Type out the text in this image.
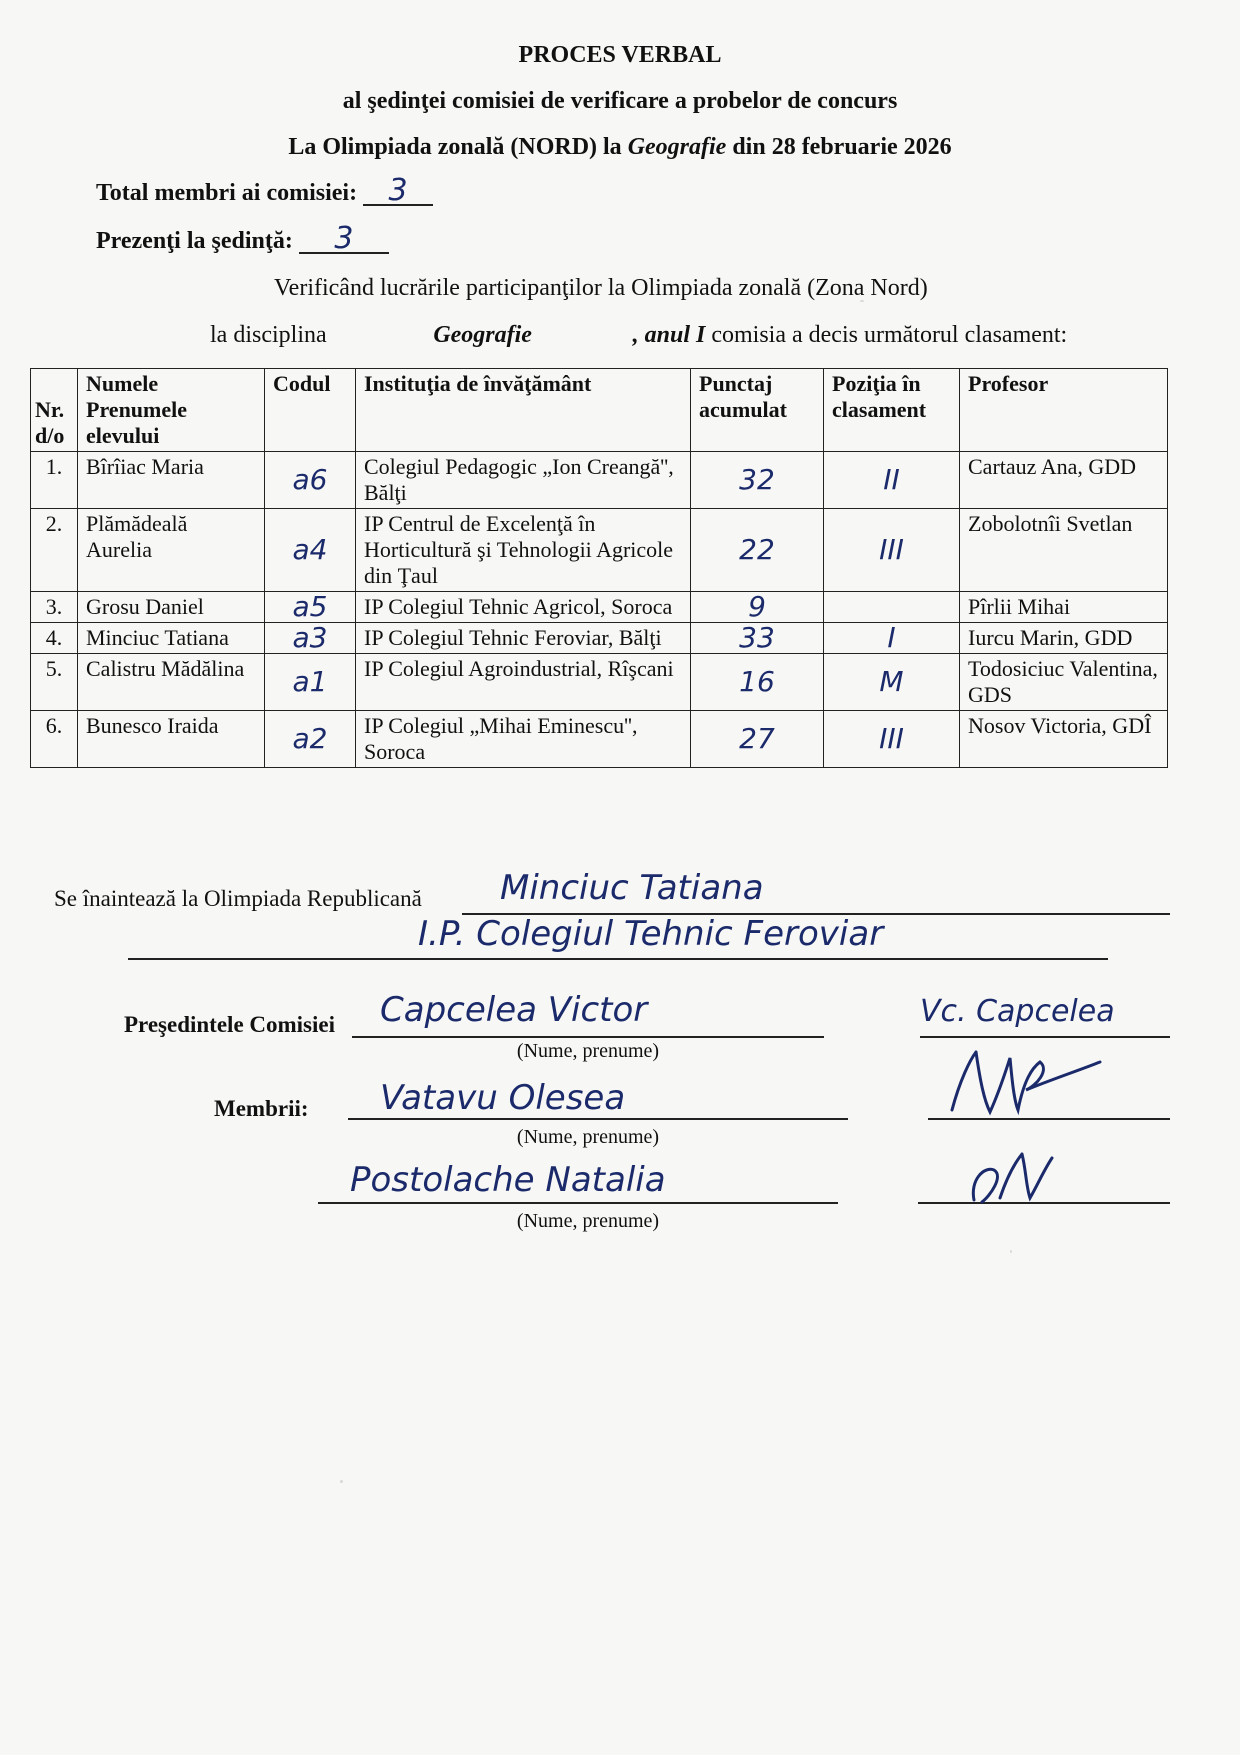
PROCES VERBAL
al şedinţei comisiei de verificare a probelor de concurs
La Olimpiada zonală (NORD) la Geografie din 28 februarie 2026
Total membri ai comisiei: 3
Prezenţi la şedinţă: 3
Verificând lucrările participanţilor la Olimpiada zonală (Zona Nord)
la disciplina	Geografie	, anul I comisia a decis următorul clasament:
Nr. d/o	Numele Prenumele elevului	Codul	Instituţia de învăţământ	Punctaj acumulat	Poziţia în clasament	Profesor
1.	Bîrîiac Maria	a6	Colegiul Pedagogic „Ion Creangă'', Bălţi	32	II	Cartauz Ana, GDD
2.	Plămădeală Aurelia	a4	IP Centrul de Excelenţă în Horticultură şi Tehnologii Agricole din Ţaul	22	III	Zobolotnîi Svetlan
3.	Grosu Daniel	a5	IP Colegiul Tehnic Agricol, Soroca	9		Pîrlii Mihai
4.	Minciuc Tatiana	a3	IP Colegiul Tehnic Feroviar, Bălţi	33	I	Iurcu Marin, GDD
5.	Calistru Mădălina	a1	IP Colegiul Agroindustrial, Rîşcani	16	M	Todosiciuc Valentina, GDS
6.	Bunesco Iraida	a2	IP Colegiul „Mihai Eminescu'', Soroca	27	III	Nosov Victoria, GDÎ
Se înaintează la Olimpiada Republicană Minciuc Tatiana
I.P. Colegiul Tehnic Feroviar
Preşedintele Comisiei Capcelea Victor
(Nume, prenume)
Vc. Capcelea
Membrii: Vatavu Olesea
(Nume, prenume)
Postolache Natalia
(Nume, prenume)
